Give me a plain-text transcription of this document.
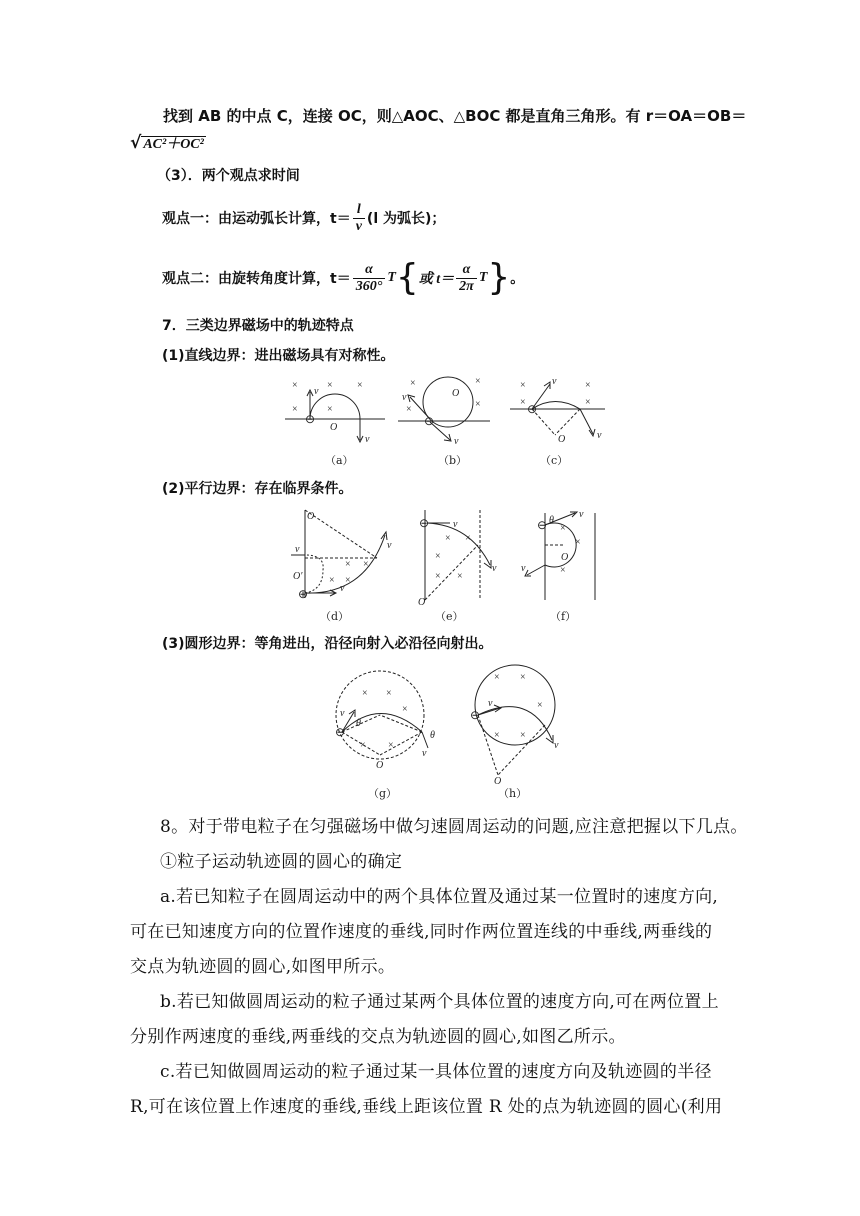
找到 AB 的中点 C，连接 OC，则△AOC、△BOC 都是直角三角形。有 r＝OA＝OB＝
√ AC²＋OC²
（3）．两个观点求时间
观点一：由运动弧长计算，$t= \frac{l}{v} (l$ 为弧长)；
观点二：由旋转角度计算，$t= \frac{\alpha}{360^\circ}$ T { 或 $t= \frac{\alpha}{2\pi}$ T } 。
7．三类边界磁场中的轨迹特点
(1)直线边界：进出磁场具有对称性。
×	× ×
×	×
⊖
O
v
v
×	×
×
×
⊖
O
v
v
×	×
×	×
⊖
O
v
v
（a）	（b）	（c）
(2)平行边界：存在临界条件。
O
O′
v
v
v
⊕
× ×
× ×
⊖ v
v
O
× ×
×
× ×
⊖ θ
v
v
O
×
×
×
（d）	（e）	（f）
(3)圆形边界：等角进出，沿径向射入必沿径向射出。
× ×
×
× ×
⊖
v
v
θ
θ
O
× ×
×
× ×
⊖
v
v
O
（g）	（h）
8。对于带电粒子在匀强磁场中做匀速圆周运动的问题,应注意把握以下几点。
①粒子运动轨迹圆的圆心的确定
a.若已知粒子在圆周运动中的两个具体位置及通过某一位置时的速度方向,
可在已知速度方向的位置作速度的垂线,同时作两位置连线的中垂线,两垂线的
交点为轨迹圆的圆心,如图甲所示。
b.若已知做圆周运动的粒子通过某两个具体位置的速度方向,可在两位置上
分别作两速度的垂线,两垂线的交点为轨迹圆的圆心,如图乙所示。
c.若已知做圆周运动的粒子通过某一具体位置的速度方向及轨迹圆的半径
R,可在该位置上作速度的垂线,垂线上距该位置 R 处的点为轨迹圆的圆心(利用
